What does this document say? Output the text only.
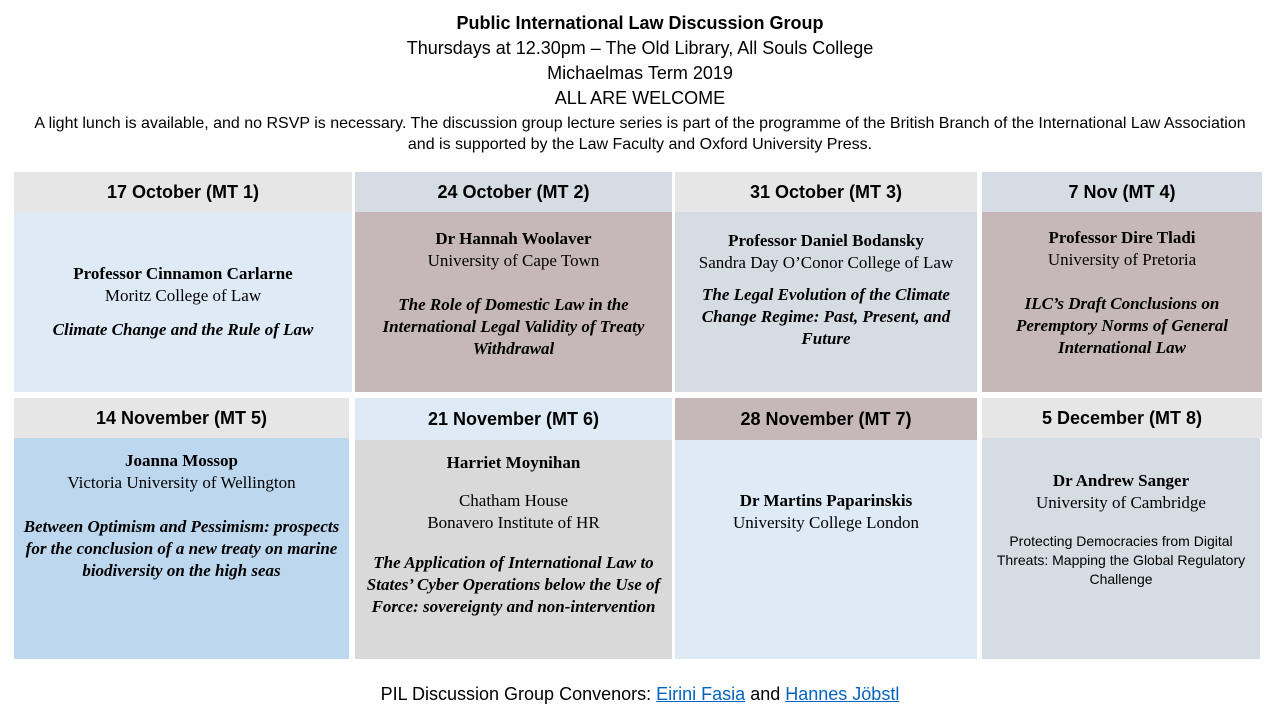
Public International Law Discussion Group
Thursdays at 12.30pm – The Old Library, All Souls College
Michaelmas Term 2019
ALL ARE WELCOME
A light lunch is available, and no RSVP is necessary. The discussion group lecture series is part of the programme of the British Branch of the International Law Association and is supported by the Law Faculty and Oxford University Press.
17 October (MT 1)	24 October (MT 2)	31 October (MT 3)	7 Nov (MT 4)
Professor Cinnamon Carlarne
Moritz College of Law
Climate Change and the Rule of Law
Dr Hannah Woolaver
University of Cape Town
The Role of Domestic Law in the International Legal Validity of Treaty Withdrawal
Professor Daniel Bodansky
Sandra Day O’Conor College of Law
The Legal Evolution of the Climate Change Regime: Past, Present, and Future
Professor Dire Tladi
University of Pretoria
ILC’s Draft Conclusions on Peremptory Norms of General International Law
14 November (MT 5)	21 November (MT 6)	28 November (MT 7)	5 December (MT 8)
Joanna Mossop
Victoria University of Wellington
Between Optimism and Pessimism: prospects for the conclusion of a new treaty on marine biodiversity on the high seas
Harriet Moynihan
Chatham House
Bonavero Institute of HR
The Application of International Law to States’ Cyber Operations below the Use of Force: sovereignty and non-intervention
Dr Martins Paparinskis
University College London
Dr Andrew Sanger
University of Cambridge
Protecting Democracies from Digital Threats: Mapping the Global Regulatory Challenge
PIL Discussion Group Convenors: Eirini Fasia and Hannes Jöbstl
